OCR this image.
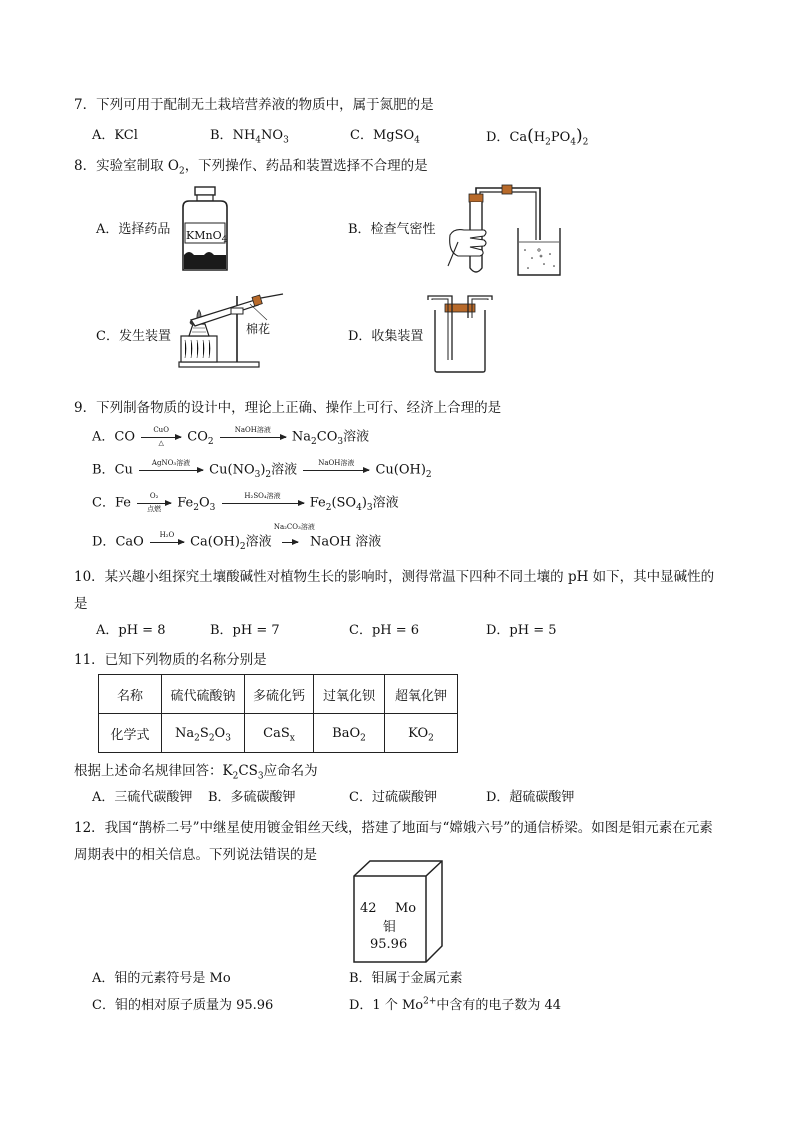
7．下列可用于配制无土栽培营养液的物质中，属于氮肥的是
A．KCl	B．$NH_4NO_3$	C．MgSO$_4$	D．$Ca(H_2PO_4)_2$
8．实验室制取 $O_2$，下列操作、药品和装置选择不合理的是
A．选择药品	B．检查气密性
C．发生装置	D．收集装置
KMnO$_4$
棉花
9．下列制备物质的设计中，理论上正确、操作上可行、经济上合理的是
A．CO	CuO
△	$CO_2$
NaOH溶液	$Na_2CO_3$溶液
B．Cu	AgNO₃溶液	$Cu(NO_3)_2$溶液	NaOH溶液	$Cu(OH)_2$
C．Fe	O₂
点燃	$Fe_2O_3$
H₂SO₄溶液	$Fe_2(SO_4)_3$溶液
D．CaO	H₂O	$Ca(OH)_2$溶液
Na₂CO₃溶液
NaOH 溶液
10．某兴趣小组探究土壤酸碱性对植物生长的影响时，测得常温下四种不同土壤的 pH 如下，其中显碱性的
是
A．pH = 8	B．pH = 7	C．pH = 6	D．pH = 5
11．已知下列物质的名称分别是
名称	硫代硫酸钠	多硫化钙	过氧化钡	超氧化钾
化学式	$Na_2S_2O_3$	CaS$_x$	BaO$_2$	$KO_2$
根据上述命名规律回答：$K_2CS_3$应命名为
A．三硫代碳酸钾 B．多硫碳酸钾	C．过硫碳酸钾	D．超硫碳酸钾
12．我国“鹊桥二号”中继星使用镀金钼丝天线，搭建了地面与“嫦娥六号”的通信桥梁。如图是钼元素在元素
周期表中的相关信息。下列说法错误的是
42 Mo
钼
95.96
A．钼的元素符号是 Mo	B．钼属于金属元素
C．钼的相对原子质量为 95.96	D．1 个 $Mo^{2+}$中含有的电子数为 44
